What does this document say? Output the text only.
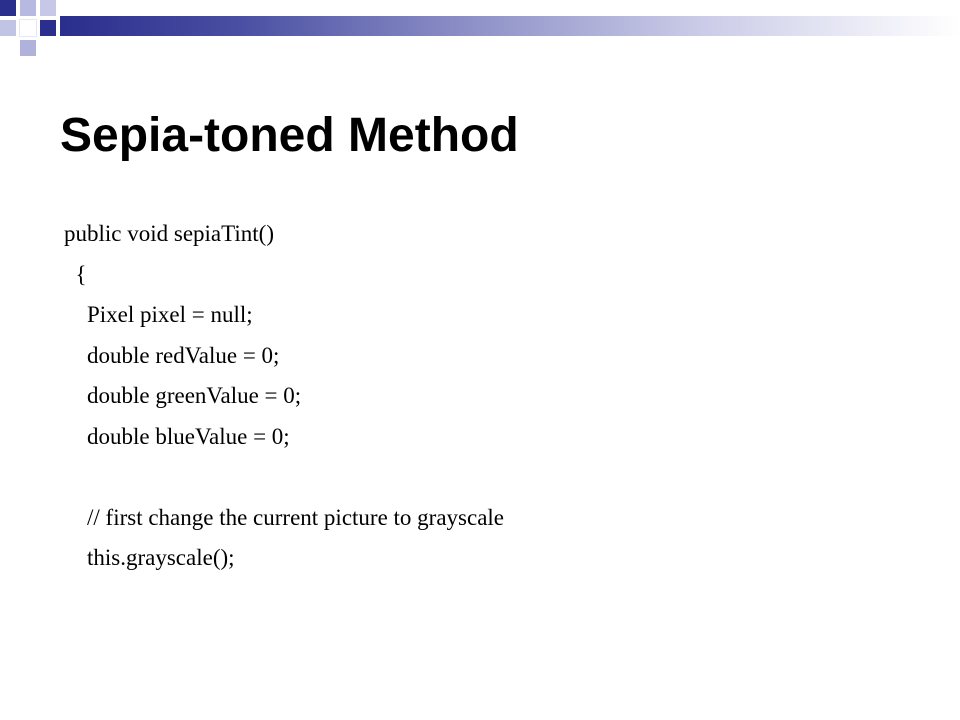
Sepia-toned Method
public void sepiaTint()
{
Pixel pixel = null;
double redValue = 0;
double greenValue = 0;
double blueValue = 0;
// first change the current picture to grayscale
this.grayscale();
